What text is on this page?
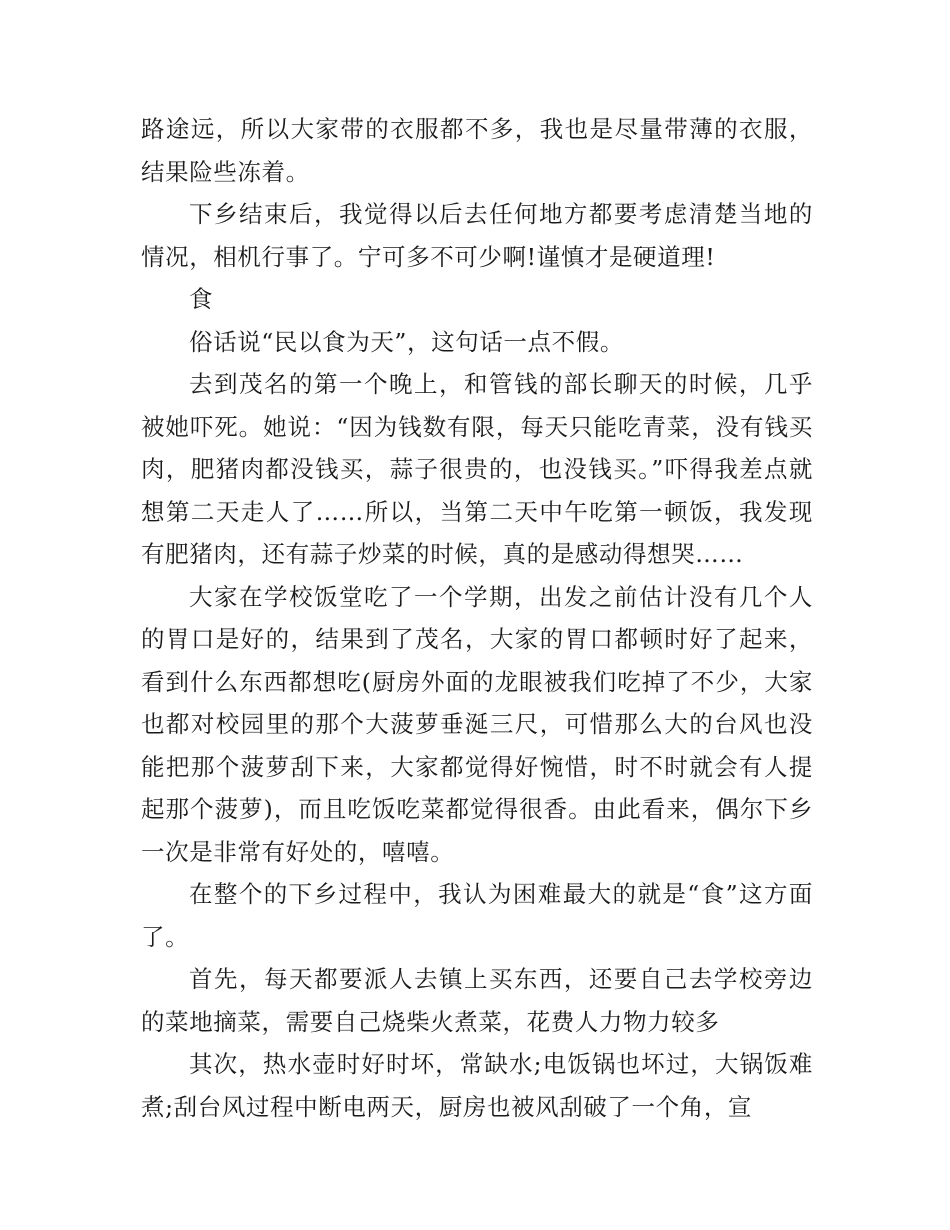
路途远，所以大家带的衣服都不多，我也是尽量带薄的衣服，结果险些冻着。

下乡结束后，我觉得以后去任何地方都要考虑清楚当地的情况，相机行事了。宁可多不可少啊!谨慎才是硬道理!

食

俗话说“民以食为天”，这句话一点不假。

去到茂名的第一个晚上，和管钱的部长聊天的时候，几乎被她吓死。她说：“因为钱数有限，每天只能吃青菜，没有钱买肉，肥猪肉都没钱买，蒜子很贵的，也没钱买。”吓得我差点就想第二天走人了……所以，当第二天中午吃第一顿饭，我发现有肥猪肉，还有蒜子炒菜的时候，真的是感动得想哭……

大家在学校饭堂吃了一个学期，出发之前估计没有几个人的胃口是好的，结果到了茂名，大家的胃口都顿时好了起来，看到什么东西都想吃(厨房外面的龙眼被我们吃掉了不少，大家也都对校园里的那个大菠萝垂涎三尺，可惜那么大的台风也没能把那个菠萝刮下来，大家都觉得好惋惜，时不时就会有人提起那个菠萝)，而且吃饭吃菜都觉得很香。由此看来，偶尔下乡一次是非常有好处的，嘻嘻。

在整个的下乡过程中，我认为困难最大的就是“食”这方面了。

首先，每天都要派人去镇上买东西，还要自己去学校旁边的菜地摘菜，需要自己烧柴火煮菜，花费人力物力较多

其次，热水壶时好时坏，常缺水;电饭锅也坏过，大锅饭难煮;刮台风过程中断电两天，厨房也被风刮破了一个角，宣
